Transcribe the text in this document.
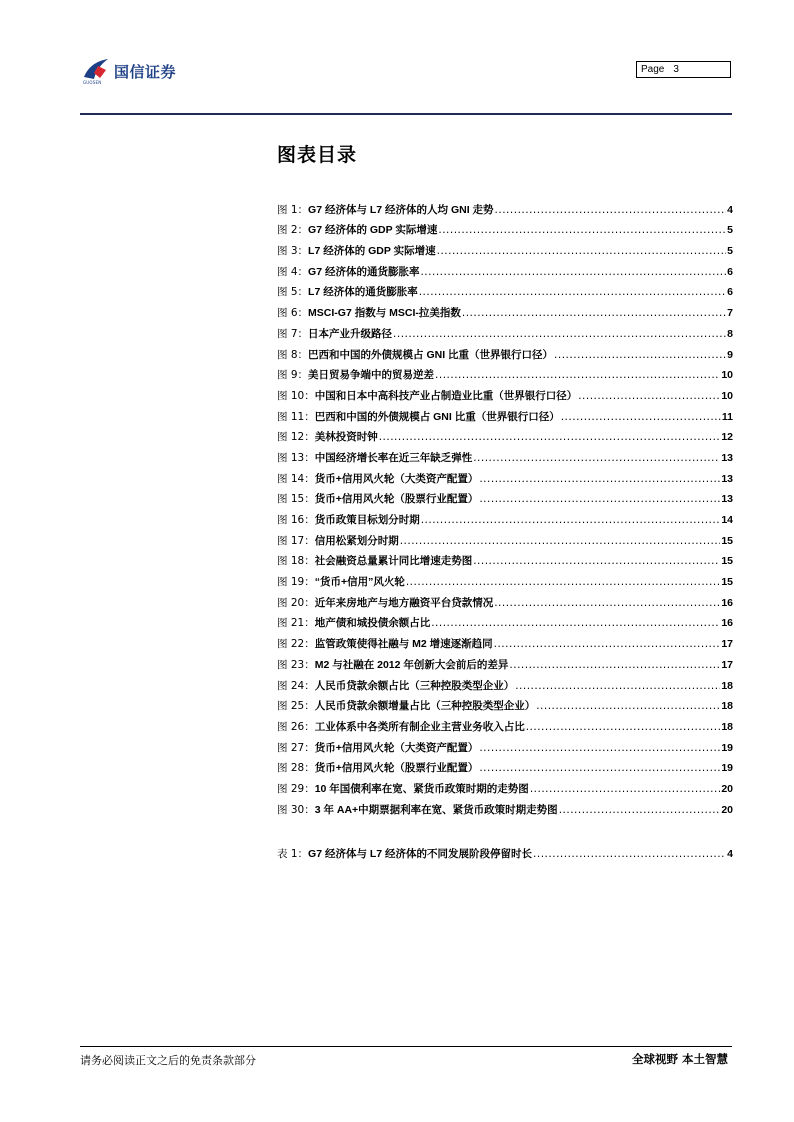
国信证券
GUOSEN
Page 3
图表目录
图 1：G7 经济体与 L7 经济体的人均 GNI 走势 .....	4
图 2：G7 经济体的 GDP 实际增速 .....	5
图 3：L7 经济体的 GDP 实际增速 .....	5
图 4：G7 经济体的通货膨胀率 .....	6
图 5：L7 经济体的通货膨胀率 .....	6
图 6：MSCI-G7 指数与 MSCI-拉美指数 .....	7
图 7：日本产业升级路径 .....	8
图 8：巴西和中国的外债规模占 GNI 比重（世界银行口径） .....	9
图 9：美日贸易争端中的贸易逆差 .....	10
图 10：中国和日本中高科技产业占制造业比重（世界银行口径） .....	10
图 11：巴西和中国的外债规模占 GNI 比重（世界银行口径） .....	11
图 12：美林投资时钟 .....	12
图 13：中国经济增长率在近三年缺乏弹性 .....	13
图 14：货币+信用风火轮（大类资产配置） .....	13
图 15：货币+信用风火轮（股票行业配置） .....	13
图 16：货币政策目标划分时期 .....	14
图 17：信用松紧划分时期 .....	15
图 18：社会融资总量累计同比增速走势图 .....	15
图 19：“货币+信用”风火轮 .....	15
图 20：近年来房地产与地方融资平台贷款情况 .....	16
图 21：地产债和城投债余额占比 .....	16
图 22：监管政策使得社融与 M2 增速逐渐趋同 .....	17
图 23：M2 与社融在 2012 年创新大会前后的差异 .....	17
图 24：人民币贷款余额占比（三种控股类型企业） .....	18
图 25：人民币贷款余额增量占比（三种控股类型企业） .....	18
图 26：工业体系中各类所有制企业主营业务收入占比 .....	18
图 27：货币+信用风火轮（大类资产配置） .....	19
图 28：货币+信用风火轮（股票行业配置） .....	19
图 29：10 年国债利率在宽、紧货币政策时期的走势图 .....	20
图 30：3 年 AA+中期票据利率在宽、紧货币政策时期走势图 .....	20
表 1：G7 经济体与 L7 经济体的不同发展阶段停留时长 .....	4
请务必阅读正文之后的免责条款部分	全球视野 本土智慧
